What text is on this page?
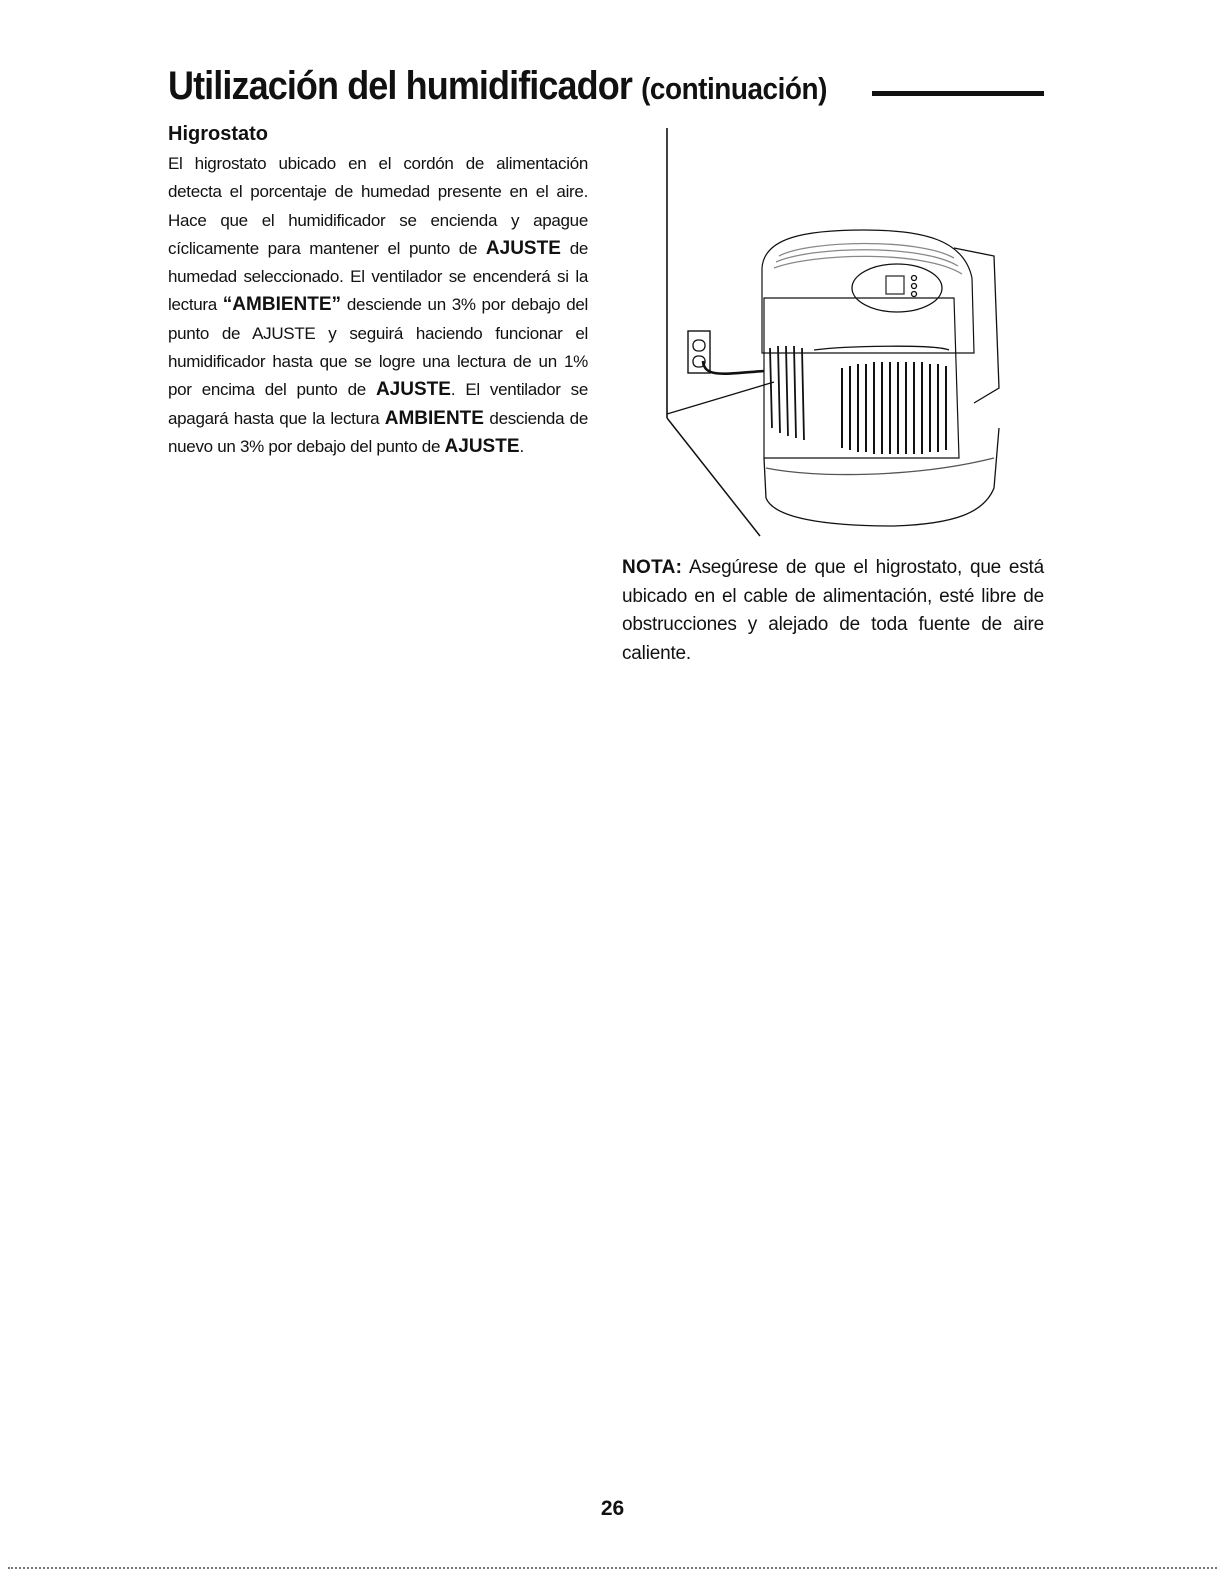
Utilización del humidificador (continuación)
Higrostato

El higrostato ubicado en el cordón de alimentación detecta el porcentaje de humedad presente en el aire. Hace que el humidificador se encienda y apague cíclicamente para mantener el punto de AJUSTE de humedad seleccionado. El ventilador se encenderá si la lectura “AMBIENTE” desciende un 3% por debajo del punto de AJUSTE y seguirá haciendo funcionar el humidificador hasta que se logre una lectura de un 1% por encima del punto de AJUSTE. El ventilador se apagará hasta que la lectura AMBIENTE descienda de nuevo un 3% por debajo del punto de AJUSTE.

NOTA: Asegúrese de que el higrostato, que está ubicado en el cable de alimentación, esté libre de obstrucciones y alejado de toda fuente de aire caliente.

26
